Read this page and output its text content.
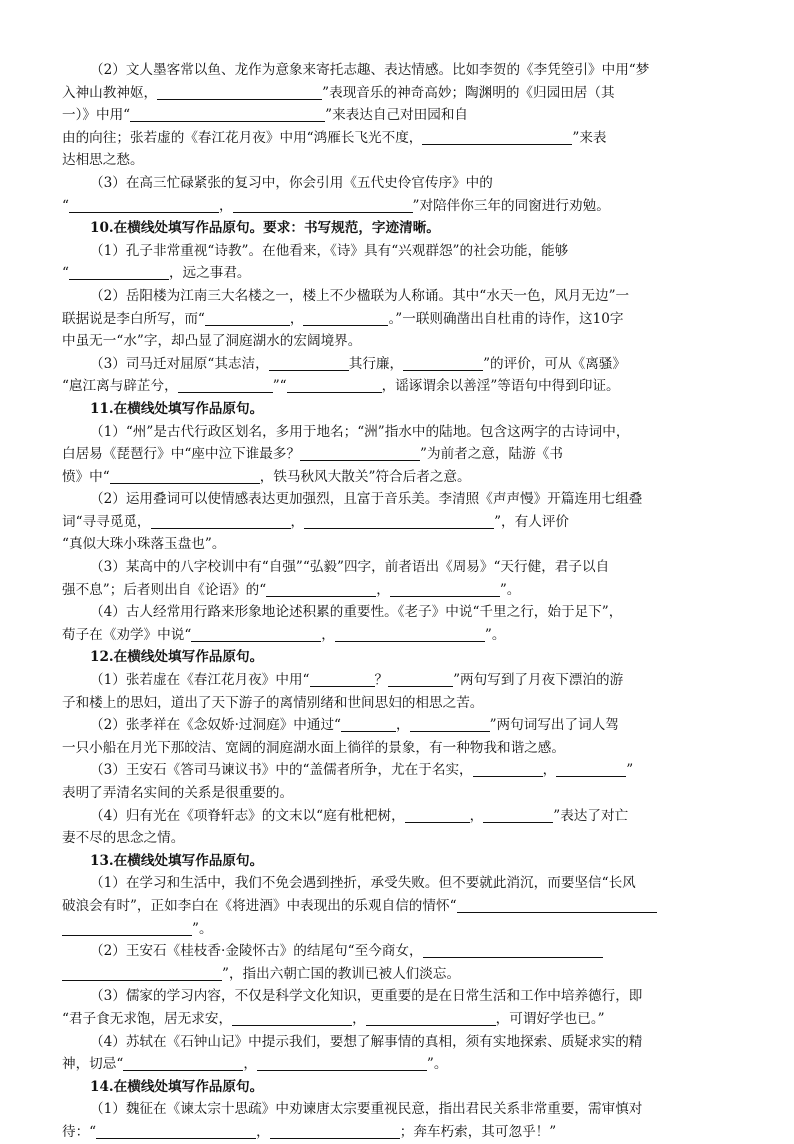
（2）文人墨客常以鱼、龙作为意象来寄托志趣、表达情感。比如李贺的《李凭箜引》中用“梦
入神山教神妪，	”表现音乐的神奇高妙；陶渊明的《归园田居（其
一）》中用“	”来表达自己对田园和自
由的向往；张若虚的《春江花月夜》中用“鸿雁长飞光不度，	”来表
达相思之愁。
（3）在高三忙碌紧张的复习中，你会引用《五代史伶官传序》中的
“	，	”对陪伴你三年的同窗进行劝勉。
10.在横线处填写作品原句。要求：书写规范，字迹清晰。
（1）孔子非常重视“诗教”。在他看来，《诗》具有“兴观群怨”的社会功能，能够
“	，远之事君。
（2）岳阳楼为江南三大名楼之一，楼上不少楹联为人称诵。其中“水天一色，风月无边”一
联据说是李白所写，而“	，	。”一联则确凿出自杜甫的诗作，这10字
中虽无一“水”字，却凸显了洞庭湖水的宏阔境界。
（3）司马迁对屈原“其志洁，	其行廉，	”的评价，可从《离骚》
“扈江离与辟芷兮，	”“	，谣诼谓余以善淫”等语句中得到印证。
11.在横线处填写作品原句。
（1）“州”是古代行政区划名，多用于地名；“洲”指水中的陆地。包含这两字的古诗词中，
白居易《琵琶行》中“座中泣下谁最多？	”为前者之意，陆游《书
愤》中“	，铁马秋风大散关”符合后者之意。
（2）运用叠词可以使情感表达更加强烈，且富于音乐美。李清照《声声慢》开篇连用七组叠
词“寻寻觅觅，	，	”，有人评价
“真似大珠小珠落玉盘也”。
（3）某高中的八字校训中有“自强”“弘毅”四字，前者语出《周易》“天行健，君子以自
强不息”；后者则出自《论语》的“	，	”。
（4）古人经常用行路来形象地论述积累的重要性。《老子》中说“千里之行，始于足下”，
荀子在《劝学》中说“	，	”。
12.在横线处填写作品原句。
（1）张若虚在《春江花月夜》中用“	？	”两句写到了月夜下漂泊的游
子和楼上的思妇，道出了天下游子的离情别绪和世间思妇的相思之苦。
（2）张孝祥在《念奴娇·过洞庭》中通过“	，	”两句词写出了词人驾
一只小船在月光下那皎洁、宽阔的洞庭湖水面上徜徉的景象，有一种物我和谐之感。
（3）王安石《答司马谏议书》中的“盖儒者所争，尤在于名实，	，	”
表明了弄清名实间的关系是很重要的。
（4）归有光在《项脊轩志》的文末以“庭有枇杷树，	，	”表达了对亡
妻不尽的思念之情。
13.在横线处填写作品原句。
（1）在学习和生活中，我们不免会遇到挫折，承受失败。但不要就此消沉，而要坚信“长风
破浪会有时”，正如李白在《将进酒》中表现出的乐观自信的情怀“
”。
（2）王安石《桂枝香·金陵怀古》的结尾句“至今商女，
”，指出六朝亡国的教训已被人们淡忘。
（3）儒家的学习内容，不仅是科学文化知识，更重要的是在日常生活和工作中培养德行，即
“君子食无求饱，居无求安，	，	，可谓好学也已。”
（4）苏轼在《石钟山记》中提示我们，要想了解事情的真相，须有实地探索、质疑求实的精
神，切忌“	，	”。
14.在横线处填写作品原句。
（1）魏征在《谏太宗十思疏》中劝谏唐太宗要重视民意，指出君民关系非常重要，需审慎对
待：“	，	；奔车朽索，其可忽乎！”
